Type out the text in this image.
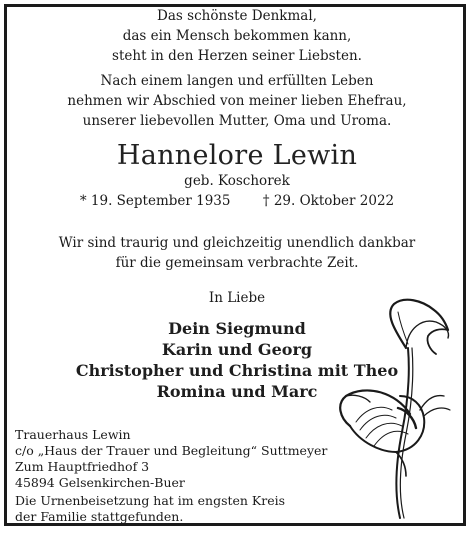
Das schönste Denkmal,
das ein Mensch bekommen kann,
steht in den Herzen seiner Liebsten.
Nach einem langen und erfüllten Leben
nehmen wir Abschied von meiner lieben Ehefrau,
unserer liebevollen Mutter, Oma und Uroma.
Hannelore Lewin
geb. Koschorek
* 19. September 1935 † 29. Oktober 2022
Wir sind traurig und gleichzeitig unendlich dankbar
für die gemeinsam verbrachte Zeit.
In Liebe
Dein Siegmund
Karin und Georg
Christopher und Christina mit Theo
Romina und Marc
Trauerhaus Lewin
c/o „Haus der Trauer und Begleitung“ Suttmeyer
Zum Hauptfriedhof 3
45894 Gelsenkirchen-Buer
Die Urnenbeisetzung hat im engsten Kreis
der Familie stattgefunden.
